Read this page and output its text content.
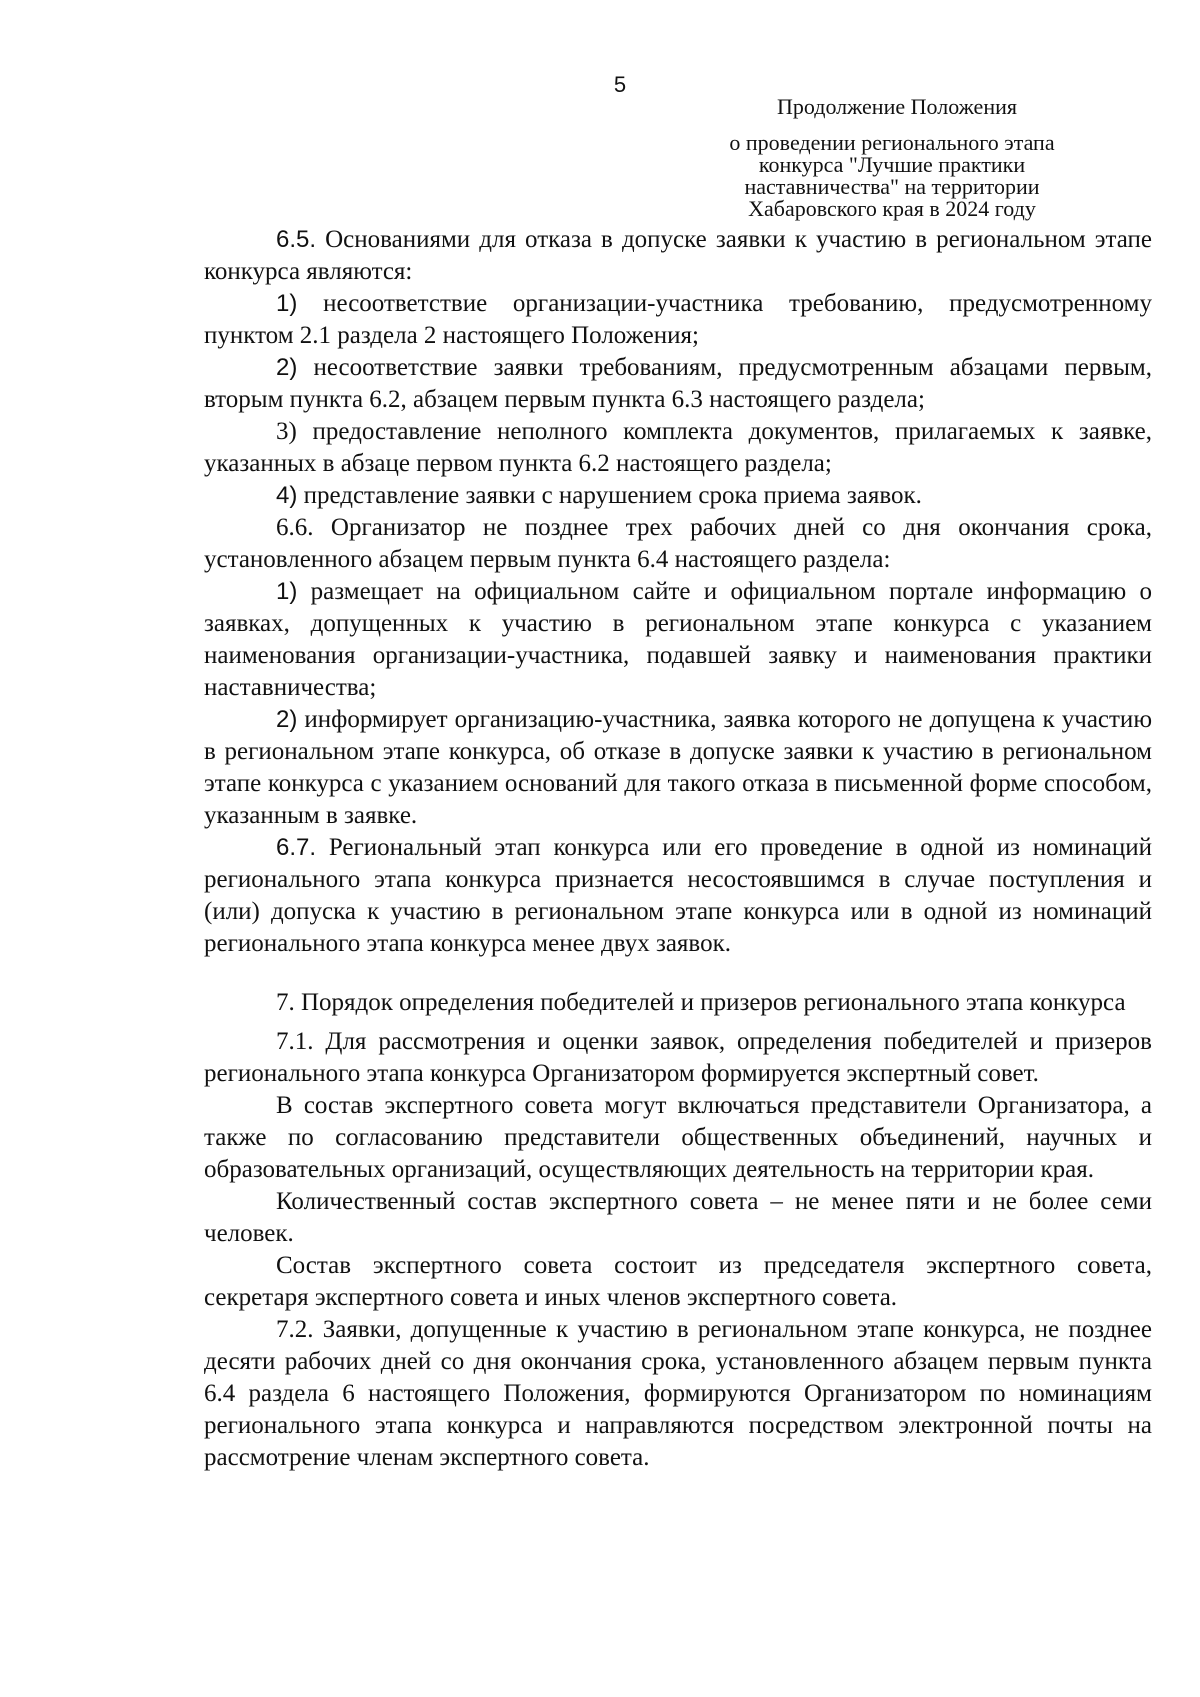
5
Продолжение Положения
о проведении регионального этапа конкурса "Лучшие практики наставничества" на территории Хабаровского края в 2024 году

6.5. Основаниями для отказа в допуске заявки к участию в региональном этапе конкурса являются:

1) несоответствие организации-участника требованию, предусмотренному пунктом 2.1 раздела 2 настоящего Положения;

2) несоответствие заявки требованиям, предусмотренным абзацами первым, вторым пункта 6.2, абзацем первым пункта 6.3 настоящего раздела;

3) предоставление неполного комплекта документов, прилагаемых к заявке, указанных в абзаце первом пункта 6.2 настоящего раздела;

4) представление заявки с нарушением срока приема заявок.

6.6. Организатор не позднее трех рабочих дней со дня окончания срока, установленного абзацем первым пункта 6.4 настоящего раздела:

1) размещает на официальном сайте и официальном портале информацию о заявках, допущенных к участию в региональном этапе конкурса с указанием наименования организации-участника, подавшей заявку и наименования практики наставничества;

2) информирует организацию-участника, заявка которого не допущена к участию в региональном этапе конкурса, об отказе в допуске заявки к участию в региональном этапе конкурса с указанием оснований для такого отказа в письменной форме способом, указанным в заявке.

6.7. Региональный этап конкурса или его проведение в одной из номинаций регионального этапа конкурса признается несостоявшимся в случае поступления и (или) допуска к участию в региональном этапе конкурса или в одной из номинаций регионального этапа конкурса менее двух заявок.

7. Порядок определения победителей и призеров регионального этапа конкурса

7.1. Для рассмотрения и оценки заявок, определения победителей и призеров регионального этапа конкурса Организатором формируется экспертный совет.

В состав экспертного совета могут включаться представители Организатора, а также по согласованию представители общественных объединений, научных и образовательных организаций, осуществляющих деятельность на территории края.

Количественный состав экспертного совета – не менее пяти и не более семи человек.

Состав экспертного совета состоит из председателя экспертного совета, секретаря экспертного совета и иных членов экспертного совета.

7.2. Заявки, допущенные к участию в региональном этапе конкурса, не позднее десяти рабочих дней со дня окончания срока, установленного абзацем первым пункта 6.4 раздела 6 настоящего Положения, формируются Организатором по номинациям регионального этапа конкурса и направляются посредством электронной почты на рассмотрение членам экспертного совета.
